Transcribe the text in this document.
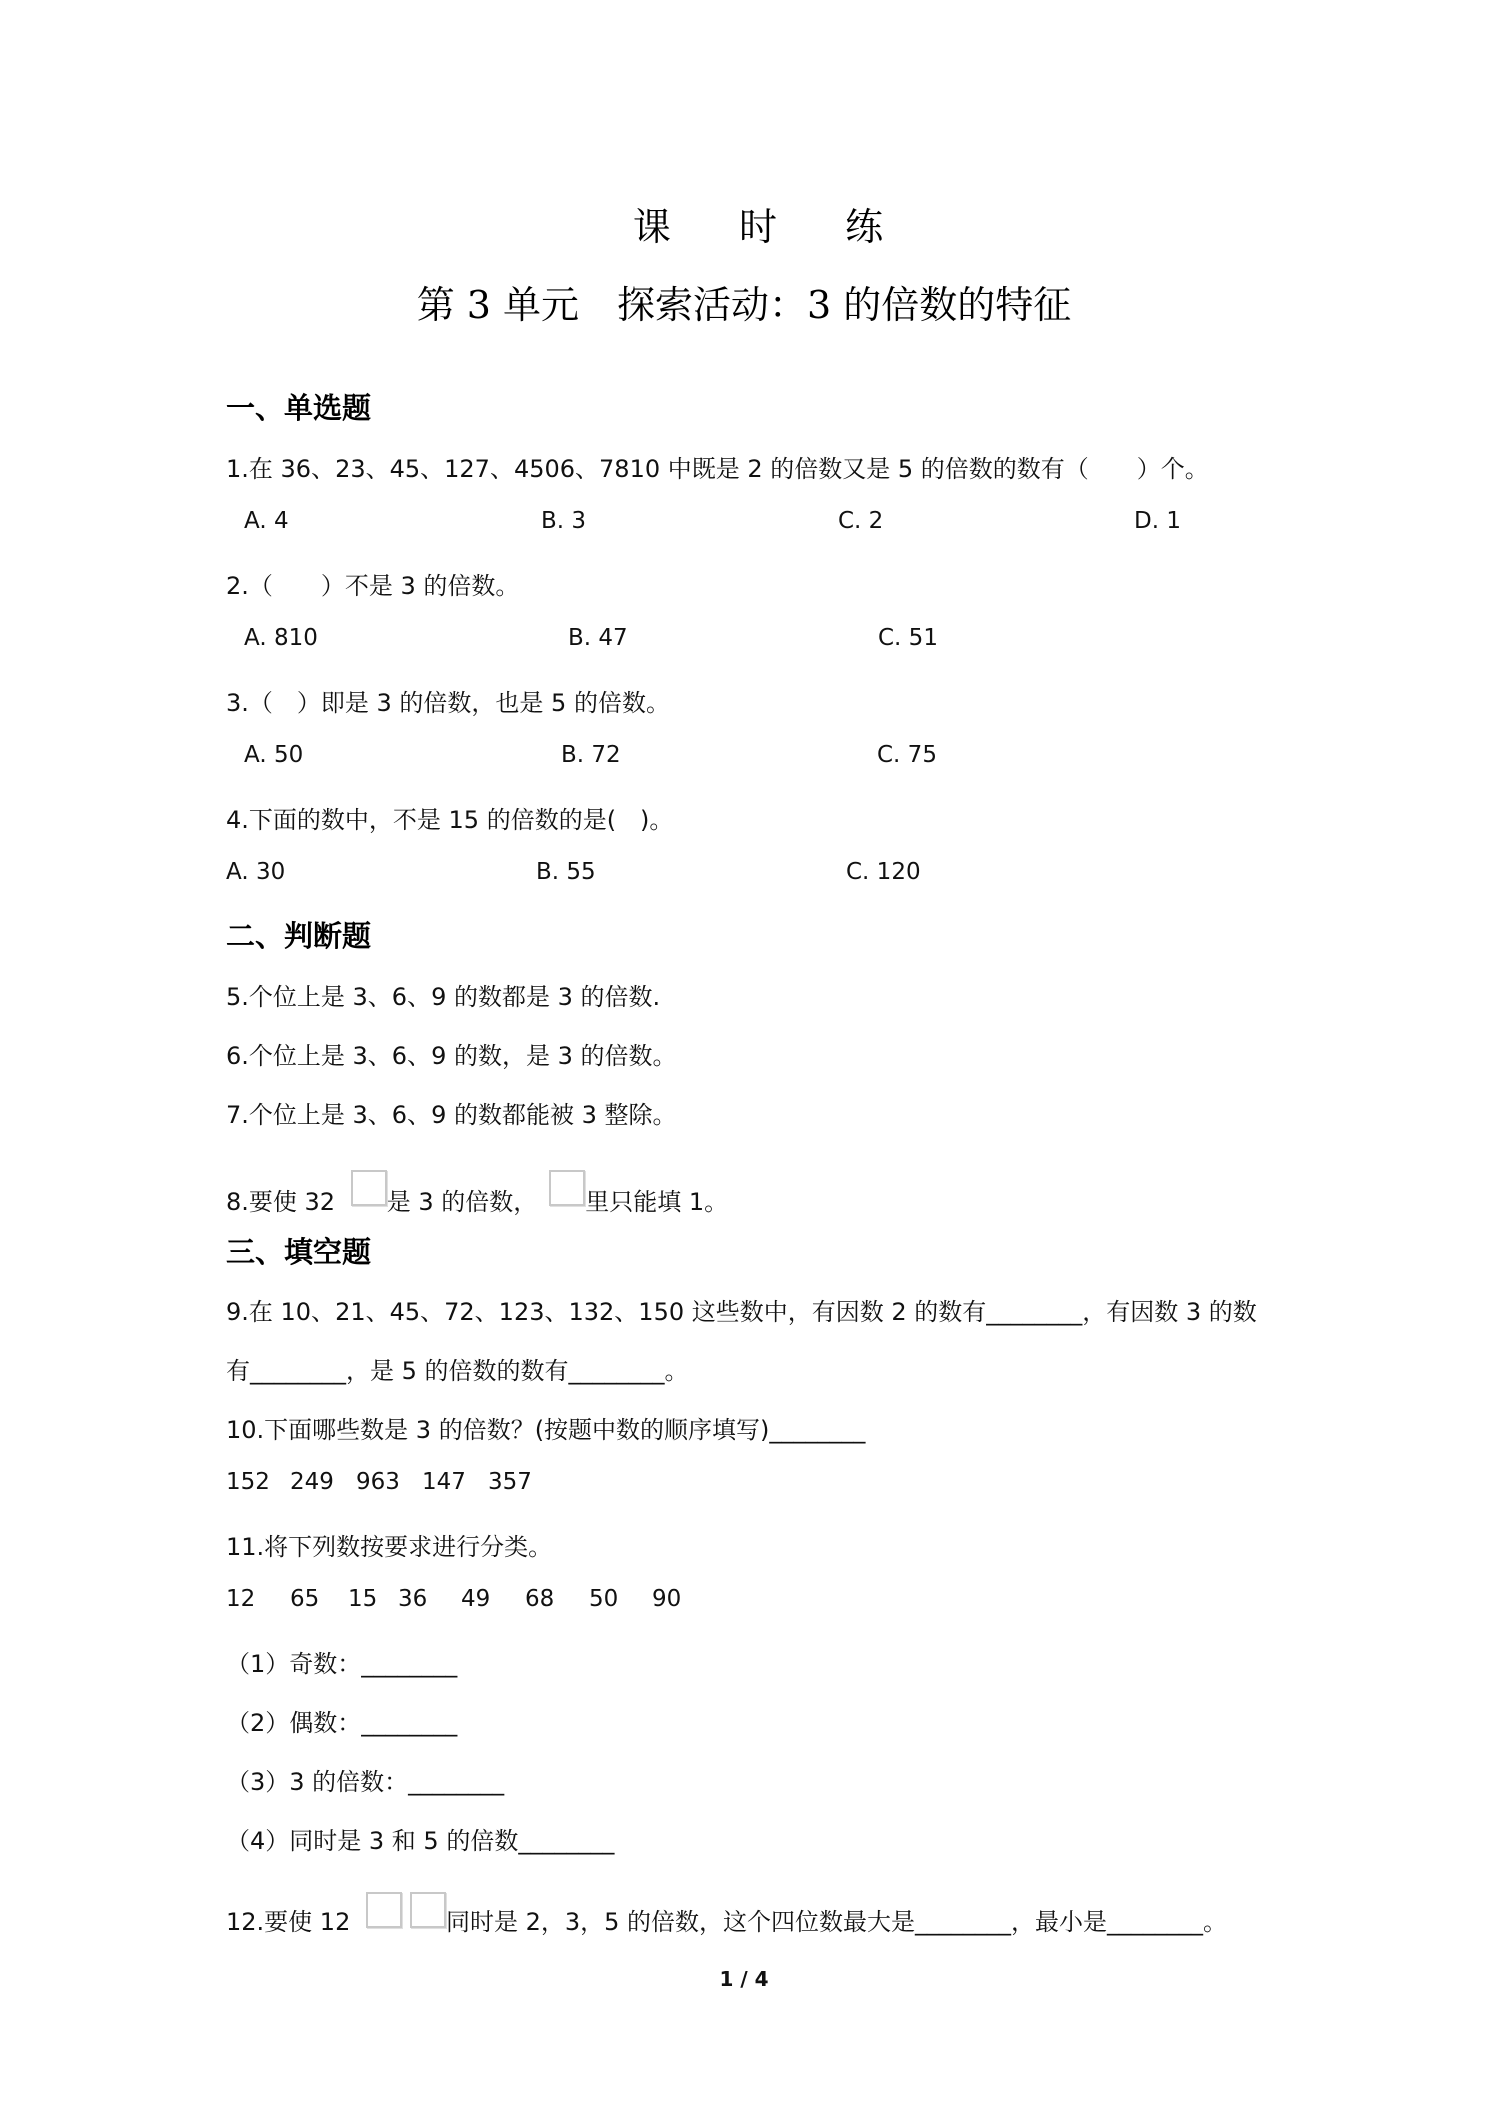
课 时 练
第 3 单元　探索活动：3 的倍数的特征
一、单选题
1.在 36、23、45、127、4506、7810 中既是 2 的倍数又是 5 的倍数的数有（　　）个。
A. 4	B. 3	C. 2	D. 1
2.（　　）不是 3 的倍数。
A. 810	B. 47	C. 51
3.（　）即是 3 的倍数，也是 5 的倍数。
A. 50	B. 72	C. 75
4.下面的数中，不是 15 的倍数的是(　)。
A. 30	B. 55	C. 120
二、判断题
5.个位上是 3、6、9 的数都是 3 的倍数.
6.个位上是 3、6、9 的数，是 3 的倍数。
7.个位上是 3、6、9 的数都能被 3 整除。
8.要使 32 是 3 的倍数， 里只能填 1。
三、填空题
9.在 10、21、45、72、123、132、150 这些数中，有因数 2 的数有________，有因数 3 的数
有________，是 5 的倍数的数有________。
10.下面哪些数是 3 的倍数？(按题中数的顺序填写)________
152 249 963 147 357
11.将下列数按要求进行分类。
12 65 15 36 49 68 50 90
（1）奇数：________
（2）偶数：________
（3）3 的倍数：________
（4）同时是 3 和 5 的倍数________
12.要使 12	同时是 2，3，5 的倍数，这个四位数最大是________，最小是________。
1 / 4
